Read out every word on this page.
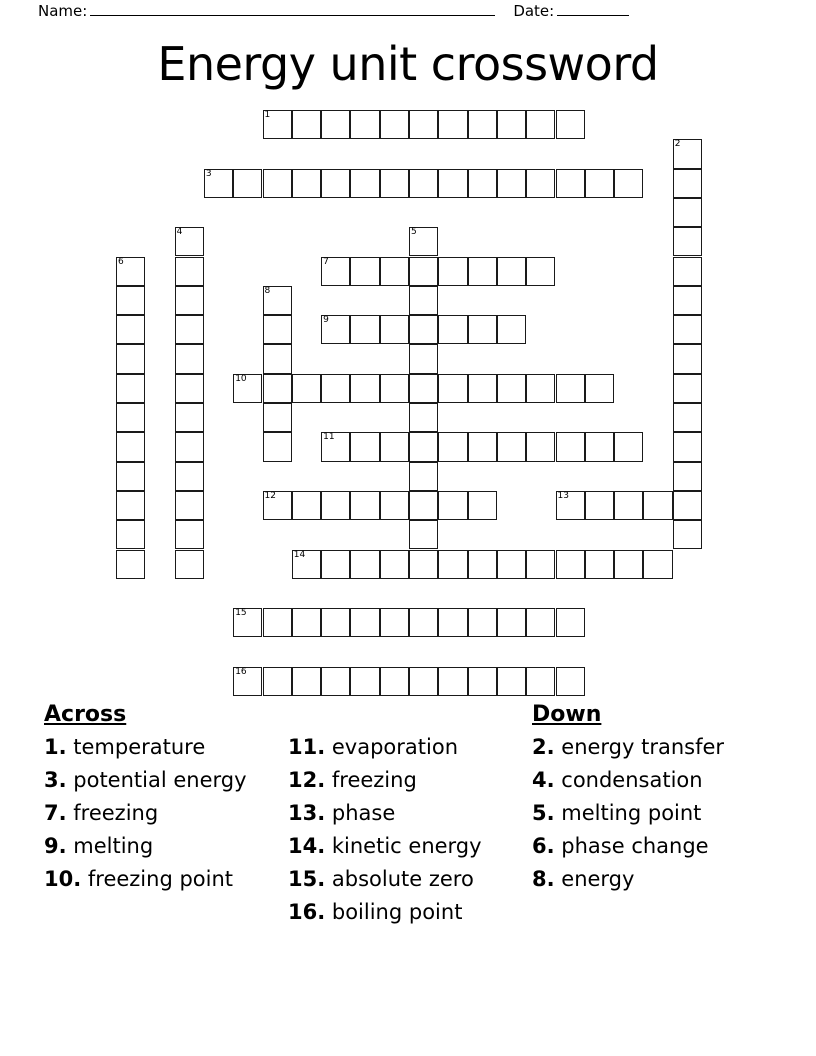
Name:	Date:
Energy unit crossword
1
2
3
4	5
6	7
8
9
10
11
12	13
14
15
16
Across

1. temperature

3. potential energy

7. freezing

9. melting

10. freezing point

11. evaporation

12. freezing

13. phase

14. kinetic energy

15. absolute zero

16. boiling point

Down

2. energy transfer

4. condensation

5. melting point

6. phase change

8. energy
